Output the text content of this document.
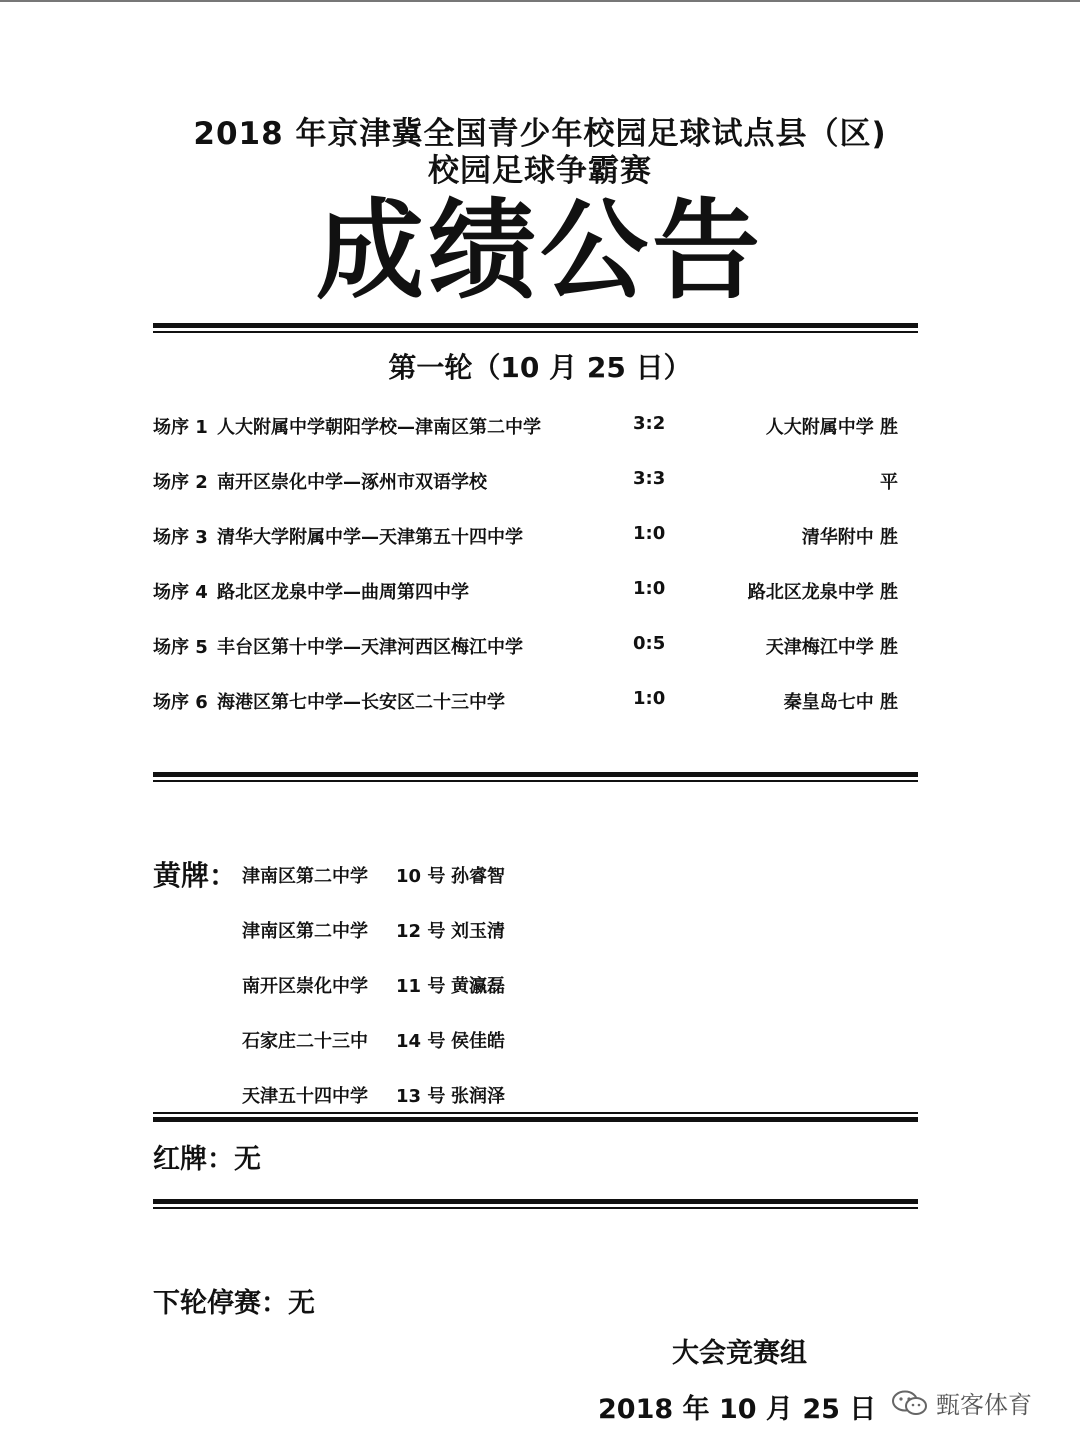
2018 年京津冀全国青少年校园足球试点县（区)
校园足球争霸赛
成绩公告
第一轮（10 月 25 日）
场序 1 人大附属中学朝阳学校—津南区第二中学	3:2	人大附属中学 胜
场序 2 南开区崇化中学—涿州市双语学校	3:3	平
场序 3 清华大学附属中学—天津第五十四中学	1:0	清华附中 胜
场序 4 路北区龙泉中学—曲周第四中学	1:0	路北区龙泉中学 胜
场序 5 丰台区第十中学—天津河西区梅江中学	0:5	天津梅江中学 胜
场序 6 海港区第七中学—长安区二十三中学	1:0	秦皇岛七中 胜
黄牌： 津南区第二中学 10 号 孙睿智
津南区第二中学 12 号 刘玉清
南开区崇化中学 11 号 黄瀛磊
石家庄二十三中 14 号 侯佳皓
天津五十四中学 13 号 张润泽
红牌：无
下轮停赛：无
大会竞赛组
2018 年 10 月 25 日 甄客体育
